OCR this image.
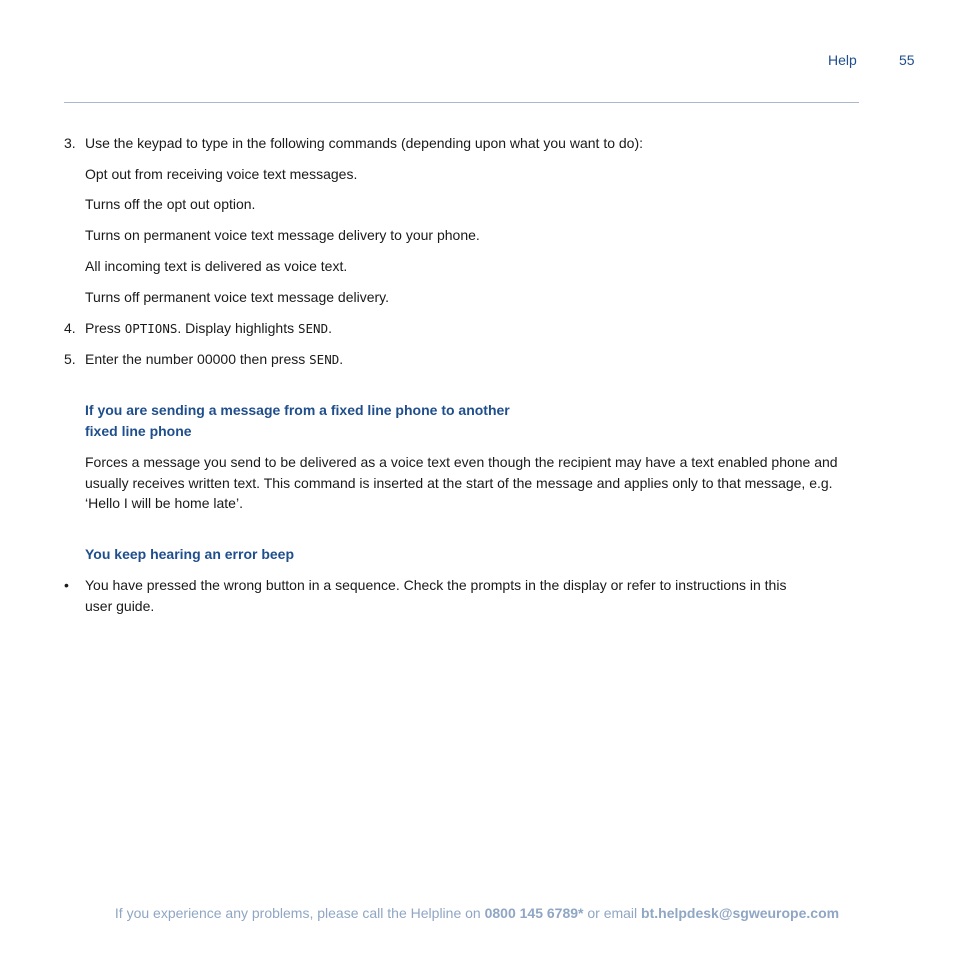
Help	55
3. Use the keypad to type in the following commands (depending upon what you want to do):
Opt out from receiving voice text messages.
Turns off the opt out option.
Turns on permanent voice text message delivery to your phone.
All incoming text is delivered as voice text.
Turns off permanent voice text message delivery.
4. Press OPTIONS. Display highlights SEND.
5. Enter the number 00000 then press SEND.
If you are sending a message from a fixed line phone to another
fixed line phone
Forces a message you send to be delivered as a voice text even though the recipient may have a text enabled phone and usually receives written text. This command is inserted at the start of the message and applies only to that message, e.g. ‘Hello I will be home late’.
You keep hearing an error beep
• You have pressed the wrong button in a sequence. Check the prompts in the display or refer to instructions in this user guide.
If you experience any problems, please call the Helpline on 0800 145 6789* or email bt.helpdesk@sgweurope.com
